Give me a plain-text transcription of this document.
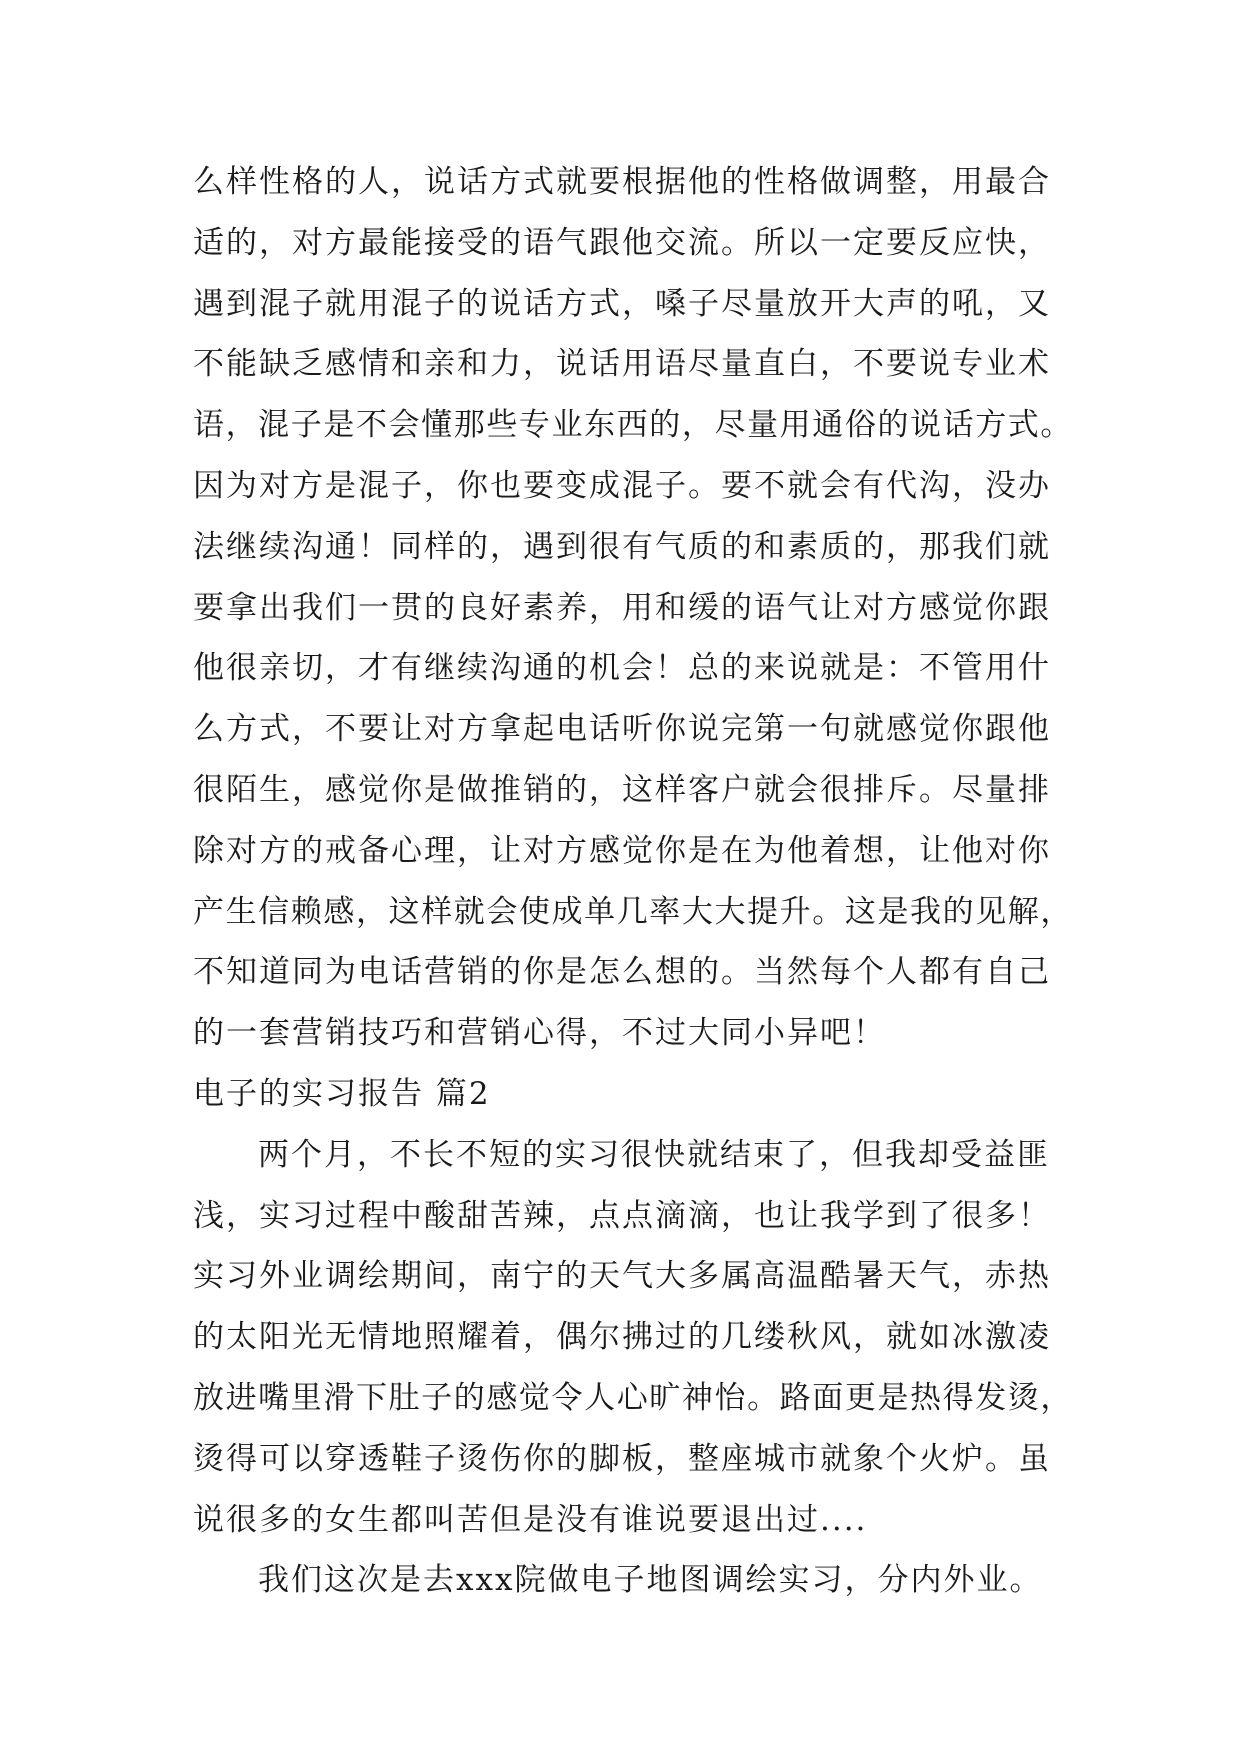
么样性格的人，说话方式就要根据他的性格做调整，用最合
适的，对方最能接受的语气跟他交流。所以一定要反应快，
遇到混子就用混子的说话方式，嗓子尽量放开大声的吼，又
不能缺乏感情和亲和力，说话用语尽量直白，不要说专业术
语，混子是不会懂那些专业东西的，尽量用通俗的说话方式。
因为对方是混子，你也要变成混子。要不就会有代沟，没办
法继续沟通！同样的，遇到很有气质的和素质的，那我们就
要拿出我们一贯的良好素养，用和缓的语气让对方感觉你跟
他很亲切，才有继续沟通的机会！总的来说就是：不管用什
么方式，不要让对方拿起电话听你说完第一句就感觉你跟他
很陌生，感觉你是做推销的，这样客户就会很排斥。尽量排
除对方的戒备心理，让对方感觉你是在为他着想，让他对你
产生信赖感，这样就会使成单几率大大提升。这是我的见解，
不知道同为电话营销的你是怎么想的。当然每个人都有自己
的一套营销技巧和营销心得，不过大同小异吧！
电子的实习报告 篇2
两个月，不长不短的实习很快就结束了，但我却受益匪
浅，实习过程中酸甜苦辣，点点滴滴，也让我学到了很多！
实习外业调绘期间，南宁的天气大多属高温酷暑天气，赤热
的太阳光无情地照耀着，偶尔拂过的几缕秋风，就如冰激凌
放进嘴里滑下肚子的感觉令人心旷神怡。路面更是热得发烫，
烫得可以穿透鞋子烫伤你的脚板，整座城市就象个火炉。虽
说很多的女生都叫苦但是没有谁说要退出过....
我们这次是去xxx院做电子地图调绘实习，分内外业。
